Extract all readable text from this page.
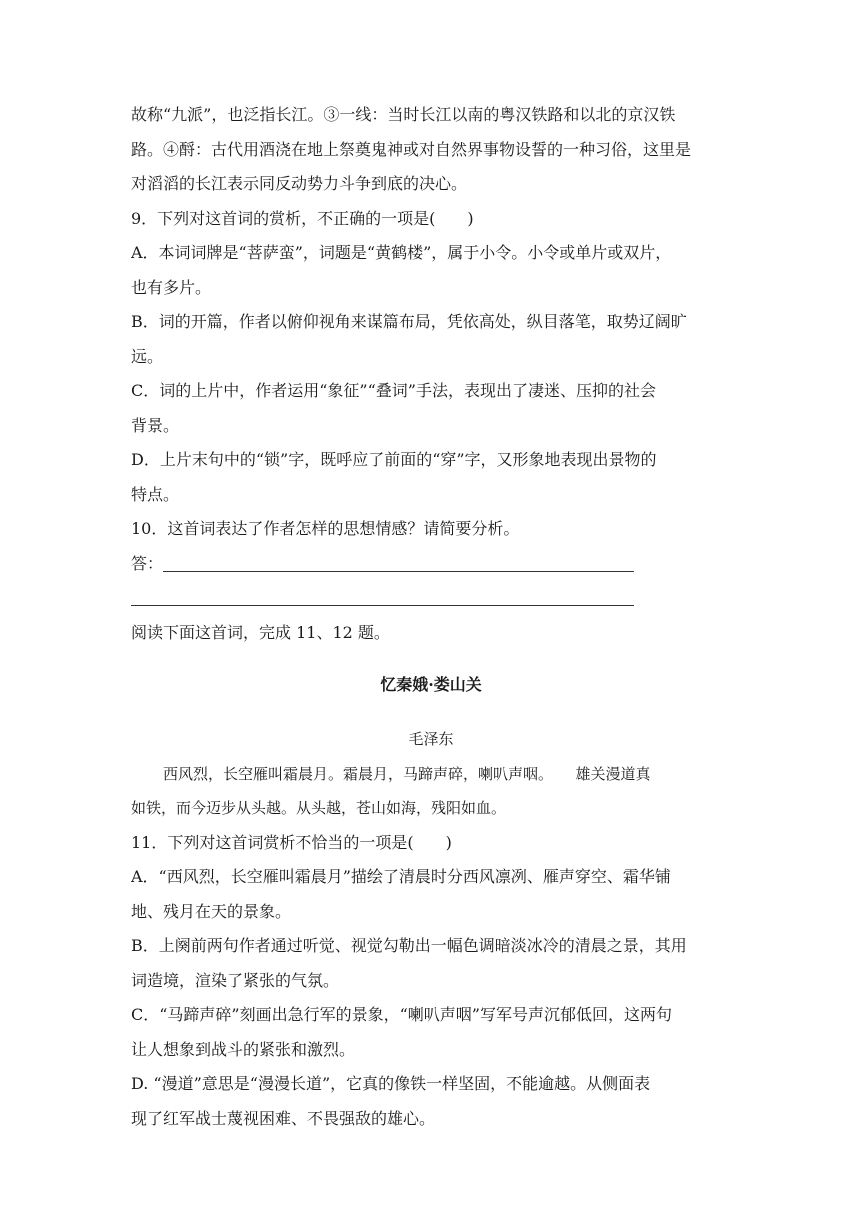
故称“九派”，也泛指长江。③一线：当时长江以南的粤汉铁路和以北的京汉铁
路。④酹：古代用酒浇在地上祭奠鬼神或对自然界事物设誓的一种习俗，这里是
对滔滔的长江表示同反动势力斗争到底的决心。
9．下列对这首词的赏析，不正确的一项是(　　)
A．本词词牌是“菩萨蛮”，词题是“黄鹤楼”，属于小令。小令或单片或双片，
也有多片。
B．词的开篇，作者以俯仰视角来谋篇布局，凭依高处，纵目落笔，取势辽阔旷
远。
C．词的上片中，作者运用“象征”“叠词”手法，表现出了凄迷、压抑的社会
背景。
D．上片末句中的“锁”字，既呼应了前面的“穿”字，又形象地表现出景物的
特点。
10．这首词表达了作者怎样的思想情感？请简要分析。
答：
阅读下面这首词，完成 11、12 题。
忆秦娥·娄山关
毛泽东
西风烈，长空雁叫霜晨月。霜晨月，马蹄声碎，喇叭声咽。　　雄关漫道真
如铁，而今迈步从头越。从头越，苍山如海，残阳如血。
11．下列对这首词赏析不恰当的一项是(　　)
A．“西风烈，长空雁叫霜晨月”描绘了清晨时分西风凛冽、雁声穿空、霜华铺
地、残月在天的景象。
B．上阕前两句作者通过听觉、视觉勾勒出一幅色调暗淡冰冷的清晨之景，其用
词造境，渲染了紧张的气氛。
C．“马蹄声碎”刻画出急行军的景象，“喇叭声咽”写军号声沉郁低回，这两句
让人想象到战斗的紧张和激烈。
D. “漫道”意思是“漫漫长道”，它真的像铁一样坚固，不能逾越。从侧面表
现了红军战士蔑视困难、不畏强敌的雄心。
